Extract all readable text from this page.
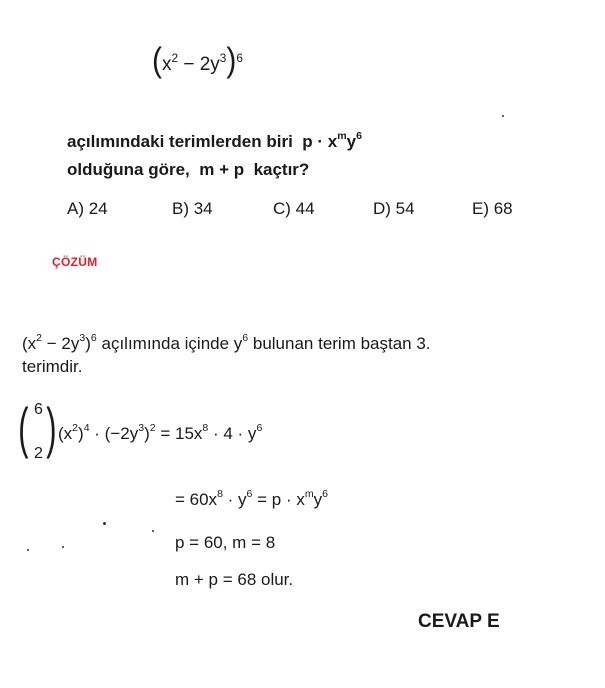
$(x^2 - 2y^3)^6$
açılımındaki terimlerden biri $p \cdot x^my^6$
olduğuna göre, m + p kaçtır?
A) 24	B) 34	C) 44	D) 54	E) 68
ÇÖZÜM
$(x^2 - 2y^3)^6$ açılımında içinde $y^6$ bulunan terim baştan 3.
terimdir.
( 6
2 ) $(x^2)^4 \cdot (-2y^3)^2 = 15x^8 \cdot 4 \cdot y^6$
= $60x^8 \cdot y^6 = p \cdot x^my^6$
p = 60, m = 8
m + p = 68 olur.
CEVAP E
